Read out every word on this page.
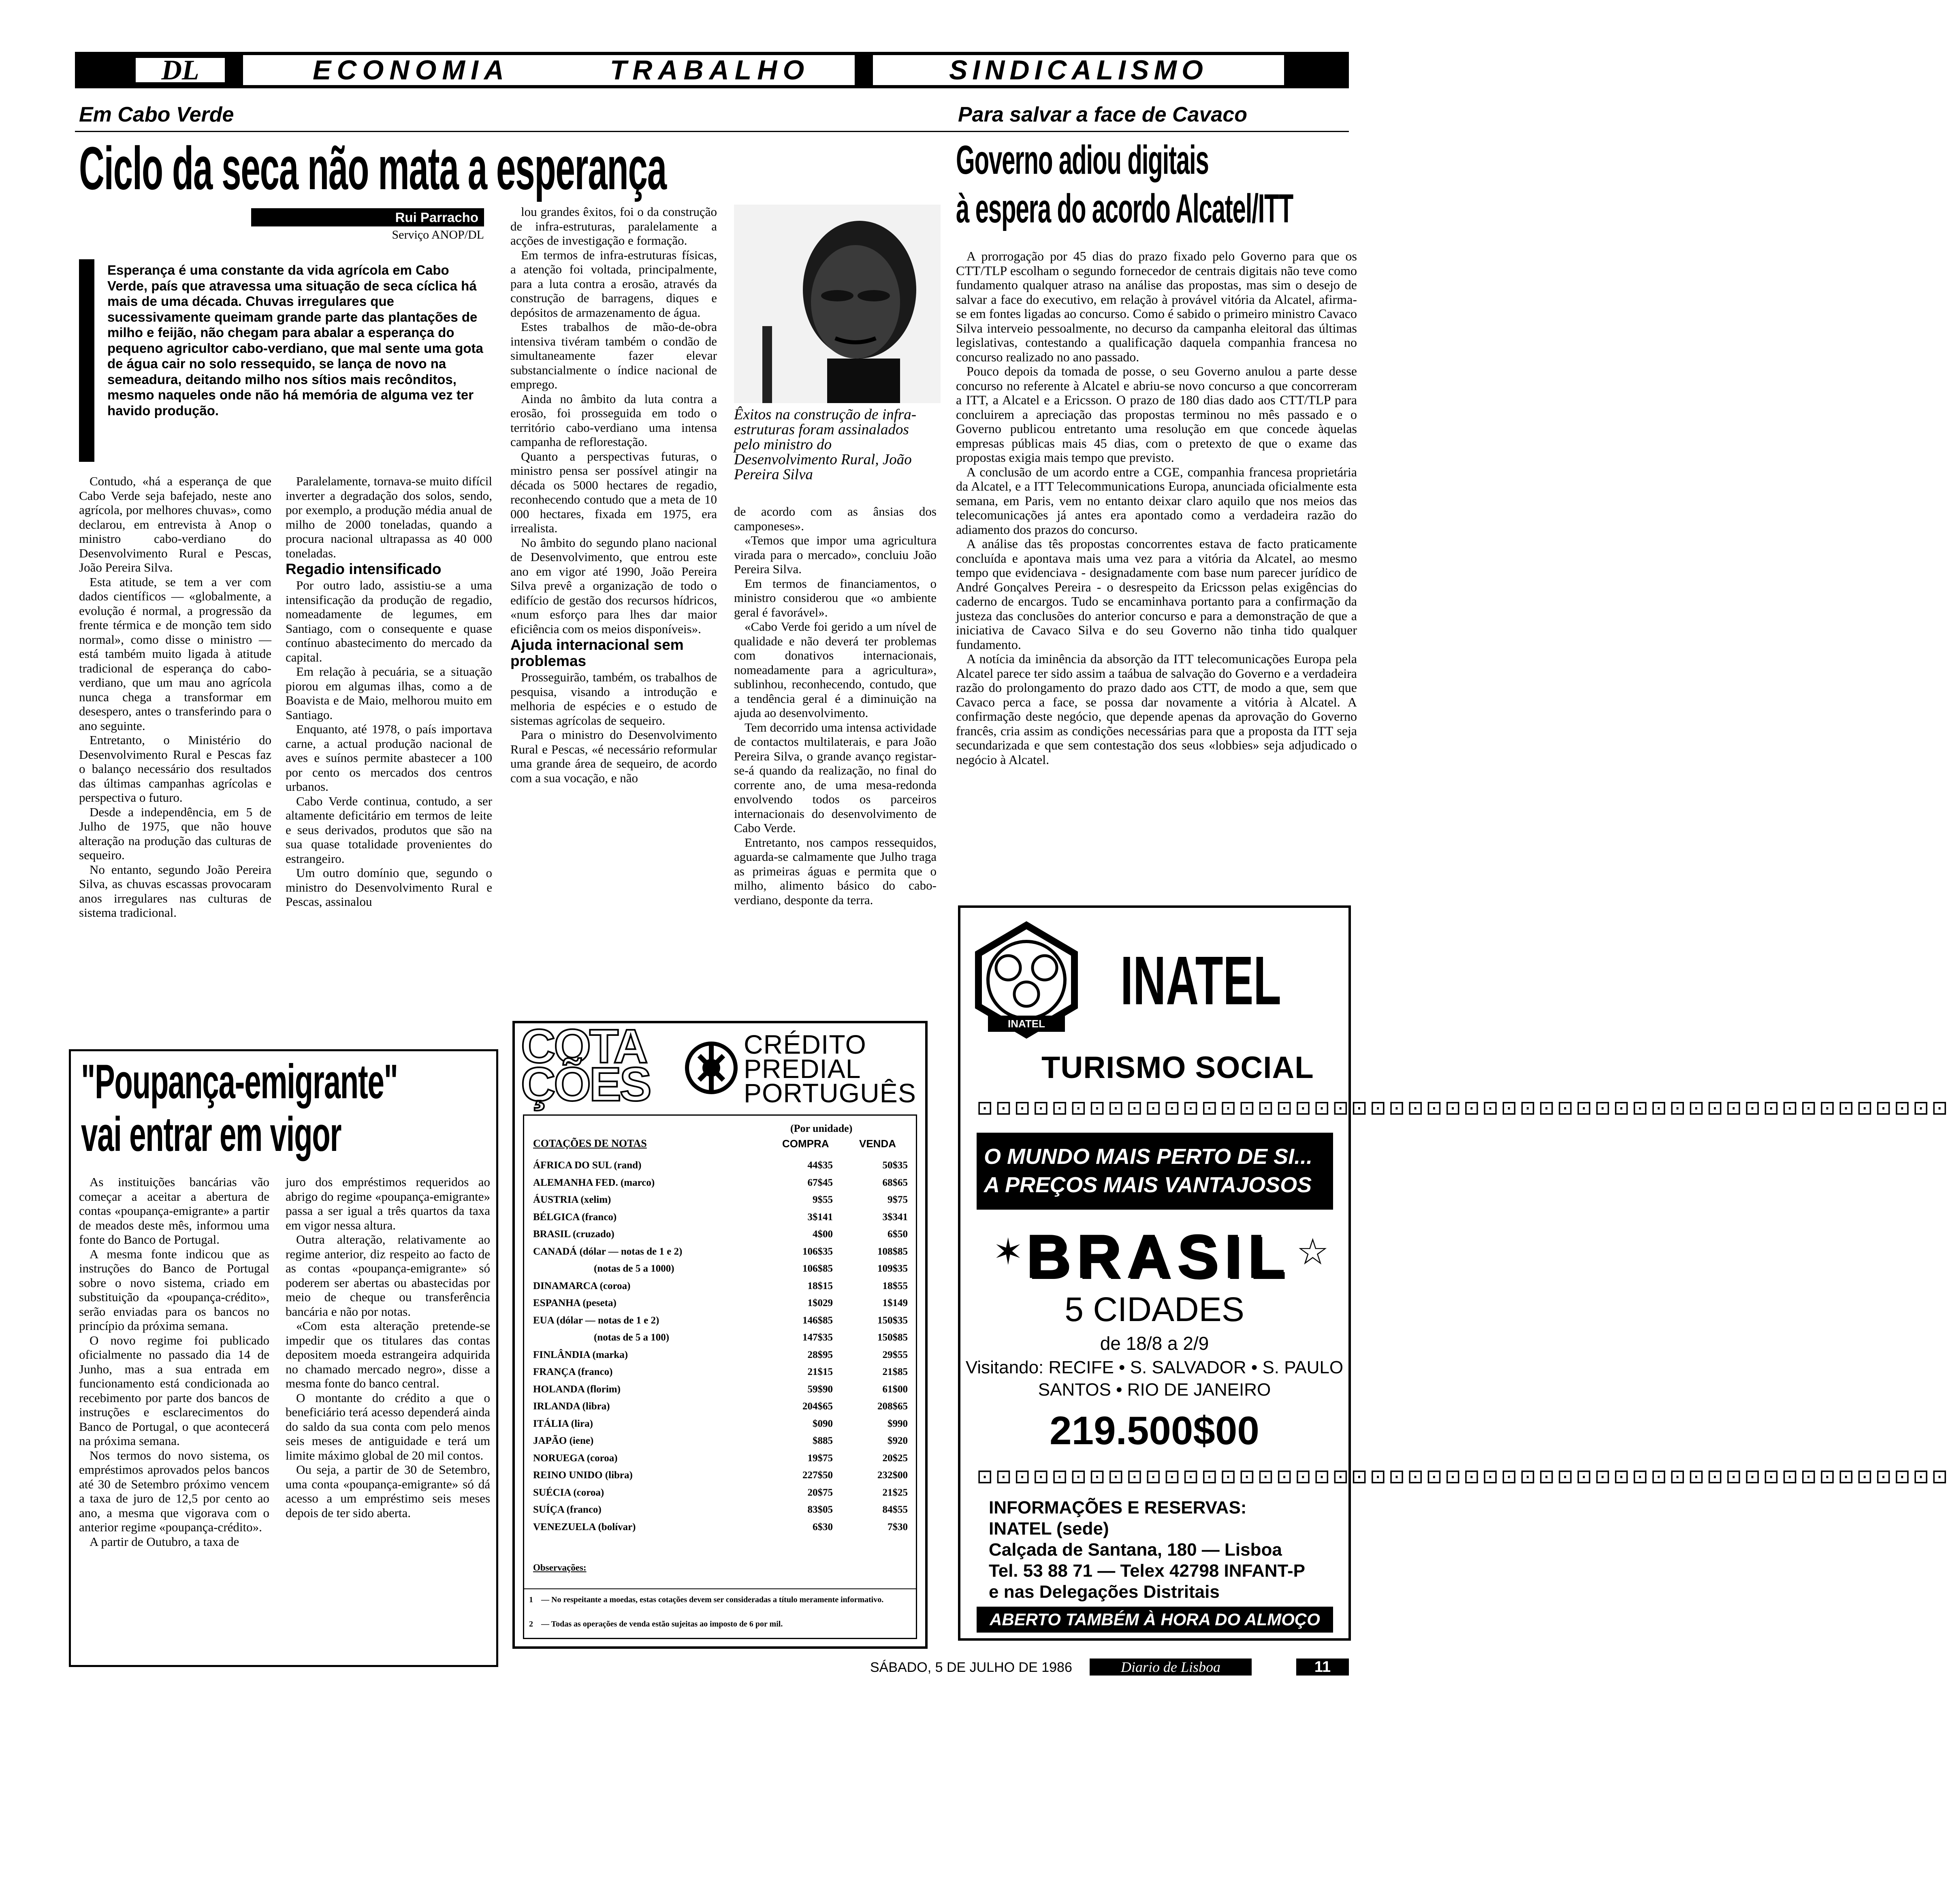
DL	ECONOMIA	TRABALHO	SINDICALISMO
Em Cabo Verde	Para salvar a face de Cavaco
Ciclo da seca não mata a esperança
Rui Parracho
Serviço ANOP/DL
Esperança é uma constante da vida agrícola em Cabo Verde, país que atravessa uma situação de seca cíclica há mais de uma década. Chuvas irregulares que sucessivamente queimam grande parte das plantações de milho e feijão, não chegam para abalar a esperança do pequeno agricultor cabo-verdiano, que mal sente uma gota de água cair no solo ressequido, se lança de novo na semeadura, deitando milho nos sítios mais recônditos, mesmo naqueles onde não há memória de alguma vez ter havido produção.

Contudo, «há a esperança de que Cabo Verde seja bafejado, neste ano agrícola, por melhores chuvas», como declarou, em entrevista à Anop o ministro cabo-verdiano do Desenvolvimento Rural e Pescas, João Pereira Silva.

Esta atitude, se tem a ver com dados científicos — «globalmente, a evolução é normal, a progressão da frente térmica e de monção tem sido normal», como disse o ministro — está também muito ligada à atitude tradicional de esperança do cabo-verdiano, que um mau ano agrícola nunca chega a transformar em desespero, antes o transferindo para o ano seguinte.

Entretanto, o Ministério do Desenvolvimento Rural e Pescas faz o balanço necessário dos resultados das últimas campanhas agrícolas e perspectiva o futuro.

Desde a independência, em 5 de Julho de 1975, que não houve alteração na produção das culturas de sequeiro.

No entanto, segundo João Pereira Silva, as chuvas escassas provocaram anos irregulares nas culturas de sistema tradicional.

Paralelamente, tornava-se muito difícil inverter a degradação dos solos, sendo, por exemplo, a produção média anual de milho de 2000 toneladas, quando a procura nacional ultrapassa as 40 000 toneladas.

Regadio intensificado

Por outro lado, assistiu-se a uma intensificação da produção de regadio, nomeadamente de legumes, em Santiago, com o consequente e quase contínuo abastecimento do mercado da capital.

Em relação à pecuária, se a situação piorou em algumas ilhas, como a de Boavista e de Maio, melhorou muito em Santiago.

Enquanto, até 1978, o país importava carne, a actual produção nacional de aves e suínos permite abastecer a 100 por cento os mercados dos centros urbanos.

Cabo Verde continua, contudo, a ser altamente deficitário em termos de leite e seus derivados, produtos que são na sua quase totalidade provenientes do estrangeiro.

Um outro domínio que, segundo o ministro do Desenvolvimento Rural e Pescas, assinalou

lou grandes êxitos, foi o da construção de infra-estruturas, paralelamente a acções de investigação e formação.

Em termos de infra-estruturas físicas, a atenção foi voltada, principalmente, para a luta contra a erosão, através da construção de barragens, diques e depósitos de armazenamento de água.

Estes trabalhos de mão-de-obra intensiva tivéram também o condão de simultaneamente fazer elevar substancialmente o índice nacional de emprego.

Ainda no âmbito da luta contra a erosão, foi prosseguida em todo o território cabo-verdiano uma intensa campanha de reflorestação.

Quanto a perspectivas futuras, o ministro pensa ser possível atingir na década os 5000 hectares de regadio, reconhecendo contudo que a meta de 10 000 hectares, fixada em 1975, era irrealista.

No âmbito do segundo plano nacional de Desenvolvimento, que entrou este ano em vigor até 1990, João Pereira Silva prevê a organização de todo o edifício de gestão dos recursos hídricos, «num esforço para lhes dar maior eficiência com os meios disponíveis».

Ajuda internacional sem problemas

Prosseguirão, também, os trabalhos de pesquisa, visando a introdução e melhoria de espécies e o estudo de sistemas agrícolas de sequeiro.

Para o ministro do Desenvolvimento Rural e Pescas, «é necessário reformular uma grande área de sequeiro, de acordo com a sua vocação, e não

Êxitos na construção de infra-estruturas foram assinalados pelo ministro do Desenvolvimento Rural, João Pereira Silva

de acordo com as ânsias dos camponeses».

«Temos que impor uma agricultura virada para o mercado», concluiu João Pereira Silva.

Em termos de financiamentos, o ministro considerou que «o ambiente geral é favorável».

«Cabo Verde foi gerido a um nível de qualidade e não deverá ter problemas com donativos internacionais, nomeadamente para a agricultura», sublinhou, reconhecendo, contudo, que a tendência geral é a diminuição na ajuda ao desenvolvimento.

Tem decorrido uma intensa actividade de contactos multilaterais, e para João Pereira Silva, o grande avanço registar-se-á quando da realização, no final do corrente ano, de uma mesa-redonda envolvendo todos os parceiros internacionais do desenvolvimento de Cabo Verde.

Entretanto, nos campos ressequidos, aguarda-se calmamente que Julho traga as primeiras águas e permita que o milho, alimento básico do cabo-verdiano, desponte da terra.

Governo adiou digitais
à espera do acordo Alcatel/ITT

A prorrogação por 45 dias do prazo fixado pelo Governo para que os CTT/TLP escolham o segundo fornecedor de centrais digitais não teve como fundamento qualquer atraso na análise das propostas, mas sim o desejo de salvar a face do executivo, em relação à provável vitória da Alcatel, afirma-se em fontes ligadas ao concurso. Como é sabido o primeiro ministro Cavaco Silva interveio pessoalmente, no decurso da campanha eleitoral das últimas legislativas, contestando a qualificação daquela companhia francesa no concurso realizado no ano passado.

Pouco depois da tomada de posse, o seu Governo anulou a parte desse concurso no referente à Alcatel e abriu-se novo concurso a que concorreram a ITT, a Alcatel e a Ericsson. O prazo de 180 dias dado aos CTT/TLP para concluirem a apreciação das propostas terminou no mês passado e o Governo publicou entretanto uma resolução em que concede àquelas empresas públicas mais 45 dias, com o pretexto de que o exame das propostas exigia mais tempo que previsto.

A conclusão de um acordo entre a CGE, companhia francesa proprietária da Alcatel, e a ITT Telecommunications Europa, anunciada oficialmente esta semana, em Paris, vem no entanto deixar claro aquilo que nos meios das telecomunicações já antes era apontado como a verdadeira razão do adiamento dos prazos do concurso.

A análise das tês propostas concorrentes estava de facto praticamente concluída e apontava mais uma vez para a vitória da Alcatel, ao mesmo tempo que evidenciava - designadamente com base num parecer jurídico de André Gonçalves Pereira - o desrespeito da Ericsson pelas exigências do caderno de encargos. Tudo se encaminhava portanto para a confirmação da justeza das conclusões do anterior concurso e para a demonstração de que a iniciativa de Cavaco Silva e do seu Governo não tinha tido qualquer fundamento.

A notícia da iminência da absorção da ITT telecomunicações Europa pela Alcatel parece ter sido assim a taábua de salvação do Governo e a verdadeira razão do prolongamento do prazo dado aos CTT, de modo a que, sem que Cavaco perca a face, se possa dar novamente a vitória à Alcatel. A confirmação deste negócio, que depende apenas da aprovação do Governo francês, cria assim as condições necessárias para que a proposta da ITT seja secundarizada e que sem contestação dos seus «lobbies» seja adjudicado o negócio à Alcatel.

INATEL
INATEL
TURISMO SOCIAL
⊡⊡⊡⊡⊡⊡⊡⊡⊡⊡⊡⊡⊡⊡⊡⊡⊡⊡⊡⊡⊡⊡⊡⊡⊡⊡⊡⊡⊡⊡⊡⊡⊡⊡⊡⊡⊡⊡⊡⊡⊡⊡⊡⊡⊡⊡⊡⊡⊡⊡⊡⊡
O MUNDO MAIS PERTO DE SI...
A PREÇOS MAIS VANTAJOSOS
✶ BRASIL ☆
5 CIDADES
de 18/8 a 2/9
Visitando: RECIFE • S. SALVADOR • S. PAULO
SANTOS • RIO DE JANEIRO
219.500$00
⊡⊡⊡⊡⊡⊡⊡⊡⊡⊡⊡⊡⊡⊡⊡⊡⊡⊡⊡⊡⊡⊡⊡⊡⊡⊡⊡⊡⊡⊡⊡⊡⊡⊡⊡⊡⊡⊡⊡⊡⊡⊡⊡⊡⊡⊡⊡⊡⊡⊡⊡⊡
INFORMAÇÕES E RESERVAS:
INATEL (sede)
Calçada de Santana, 180 — Lisboa
Tel. 53 88 71 — Telex 42798 INFANT-P
e nas Delegações Distritais
ABERTO TAMBÉM À HORA DO ALMOÇO
"Poupança-emigrante"
vai entrar em vigor

As instituições bancárias vão começar a aceitar a abertura de contas «poupança-emigrante» a partir de meados deste mês, informou uma fonte do Banco de Portugal.

A mesma fonte indicou que as instruções do Banco de Portugal sobre o novo sistema, criado em substituição da «poupança-crédito», serão enviadas para os bancos no princípio da próxima semana.

O novo regime foi publicado oficialmente no passado dia 14 de Junho, mas a sua entrada em funcionamento está condicionada ao recebimento por parte dos bancos de instruções e esclarecimentos do Banco de Portugal, o que acontecerá na próxima semana.

Nos termos do novo sistema, os empréstimos aprovados pelos bancos até 30 de Setembro próximo vencem a taxa de juro de 12,5 por cento ao ano, a mesma que vigorava com o anterior regime «poupança-crédito».

A partir de Outubro, a taxa de

juro dos empréstimos requeridos ao abrigo do regime «poupança-emigrante» passa a ser igual a três quartos da taxa em vigor nessa altura.

Outra alteração, relativamente ao regime anterior, diz respeito ao facto de as contas «poupança-emigrante» só poderem ser abertas ou abastecidas por meio de cheque ou transferência bancária e não por notas.

«Com esta alteração pretende-se impedir que os titulares das contas depositem moeda estrangeira adquirida no chamado mercado negro», disse a mesma fonte do banco central.

O montante do crédito a que o beneficiário terá acesso dependerá ainda do saldo da sua conta com pelo menos seis meses de antiguidade e terá um limite máximo global de 20 mil contos.

Ou seja, a partir de 30 de Setembro, uma conta «poupança-emigrante» só dá acesso a um empréstimo seis meses depois de ter sido aberta.

COTAÇÕES
CRÉDITO
PREDIAL
PORTUGUÊS
(Por unidade)
COTAÇÕES DE NOTAS	COMPRA	VENDA
ÁFRICA DO SUL (rand)	44$35	50$35
ALEMANHA FED. (marco)	67$45	68$65
ÁUSTRIA (xelim)	9$55	9$75
BÉLGICA (franco)	3$141	3$341
BRASIL (cruzado)	4$00	6$50
CANADÁ (dólar — notas de 1 e 2)	106$35	108$85
(notas de 5 a 1000)	106$85	109$35
DINAMARCA (coroa)	18$15	18$55
ESPANHA (peseta)	1$029	1$149
EUA (dólar — notas de 1 e 2)	146$85	150$35
(notas de 5 a 100)	147$35	150$85
FINLÂNDIA (marka)	28$95	29$55
FRANÇA (franco)	21$15	21$85
HOLANDA (florim)	59$90	61$00
IRLANDA (libra)	204$65	208$65
ITÁLIA (lira)	$090	$990
JAPÃO (iene)	$885	$920
NORUEGA (coroa)	19$75	20$25
REINO UNIDO (libra)	227$50	232$00
SUÉCIA (coroa)	20$75	21$25
SUÍÇA (franco)	83$05	84$55
VENEZUELA (bolívar)	6$30	7$30
Observações:
1 — No respeitante a moedas, estas cotações devem ser consideradas a título meramente informativo.
2 — Todas as operações de venda estão sujeitas ao imposto de 6 por mil.
SÁBADO, 5 DE JULHO DE 1986	Diario de Lisboa	11
